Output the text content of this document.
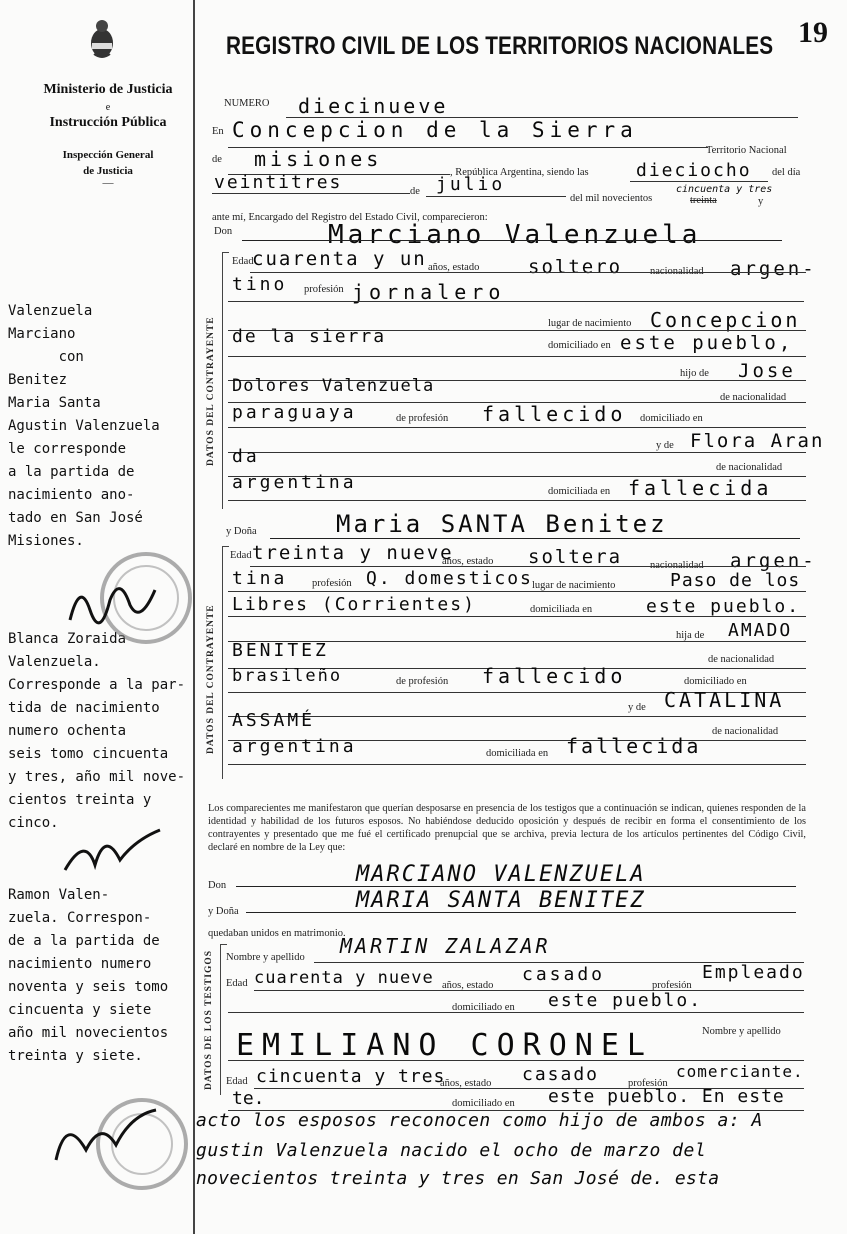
Ministerio de Justicia
e
Instrucción Pública
Inspección General
de Justicia
—
19
REGISTRO CIVIL DE LOS TERRITORIOS NACIONALES
NUMERO diecinueve
En Concepcion de la Sierra
Territorio Nacional
de misiones
, República Argentina, siendo las	dieciocho del día
veintitres	de julio
del mil novecientos
cincuenta y tres
treinta	y
ante mí, Encargado del Registro del Estado Civil, comparecieron:
Don	Marciano Valenzuela
DATOS DEL CONTRAYENTE
Edad
cuarenta y un años, estado	soltero	nacionalidad argen-
tino profesión jornalero
lugar de nacimiento Concepcion
de la sierra	domiciliado en este pueblo,
hijo de Jose
Dolores Valenzuela
de nacionalidad
paraguaya	de profesión fallecido domiciliado en
y de Flora Aran
da
de nacionalidad
argentina	domiciliada en fallecida
y Doña	Maria SANTA Benitez
DATOS DEL CONTRAYENTE
Edad treinta y nueve
años, estado soltera	nacionalidad argen-
tina profesión Q. domesticos lugar de nacimiento	Paso de los
Libres (Corrientes)	domiciliada en	este pueblo.
hija de AMADO
BENITEZ	de nacionalidad
brasileño	de profesión fallecido	domiciliado en
y de CATALINA
ASSAMÉ
de nacionalidad
argentina	domiciliada en fallecida
Los comparecientes me manifestaron que querían desposarse en presencia de los testigos que a continuación se indican, quienes responden de la identidad y habilidad de los futuros esposos. No habiéndose deducido oposición y después de recibir en forma el consentimiento de los contrayentes y presentado que me fué el certificado prenupcial que se archiva, previa lectura de los artículos pertinentes del Código Civil, declaré en nombre de la Ley que:
Don	MARCIANO VALENZUELA
y Doña	MARIA SANTA BENITEZ
quedaban unidos en matrimonio.
DATOS DE LOS TESTIGOS Nombre y apellido MARTIN ZALAZAR
Edad cuarenta y nueve años, estado
casado
profesión
Empleado
domiciliado en este pueblo.
Nombre y apellido
EMILIANO CORONEL
Edad cincuenta y tres
años, estado casado	profesión
comerciante.
te.	domiciliado en este pueblo. En este
acto los esposos reconocen como hijo de ambos a: A
gustin Valenzuela nacido el ocho de marzo del
novecientos treinta y tres en San José de. esta
Valenzuela
Marciano
con
Benitez
Maria Santa
Agustin Valenzuela
le corresponde
a la partida de
nacimiento ano-
tado en San José
Misiones.
Blanca Zoraida
Valenzuela.
Corresponde a la par-
tida de nacimiento
numero ochenta
seis tomo cincuenta
y tres, año mil nove-
cientos treinta y
cinco.
Ramon Valen-
zuela. Correspon-
de a la partida de
nacimiento numero
noventa y seis tomo
cincuenta y siete
año mil novecientos
treinta y siete.
